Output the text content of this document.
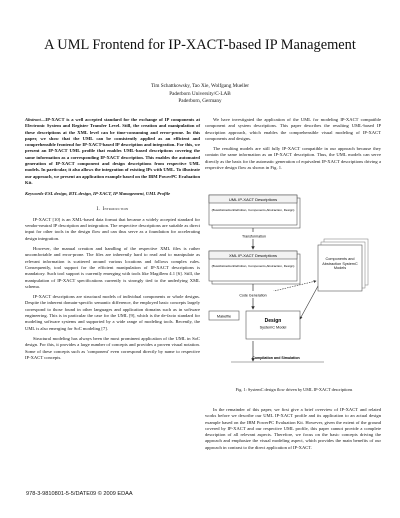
A UML Frontend for IP-XACT-based IP Management
Tim Schattkowsky, Tao Xie, Wolfgang Mueller
Paderborn University/C-LAB
Paderborn, Germany

Abstract—IP-XACT is a well accepted standard for the exchange of IP components at Electronic System and Register Transfer Level. Still, the creation and manipulation of these descriptions at the XML level can be time-consuming and error-prone. In this paper, we show that the UML can be consistently applied as an efficient and comprehensible frontend for IP-XACT-based IP description and integration. For this, we present an IP-XACT UML profile that enables UML-based descriptions covering the same information as a corresponding IP-XACT description. This enables the automated generation of IP-XACT component and design descriptions from respective UML models. In particular, it also allows the integration of existing IPs with UML. To illustrate our approach, we present an application example based on the IBM PowerPC Evaluation Kit.

Keywords-ESL design, RTL design, IP-XACT, IP Management, UML Profile

I. Introduction

IP-XACT [10] is an XML-based data format that became a widely accepted standard for vendor-neutral IP description and integration. The respective descriptions are suitable as direct input for other tools in the design flow and can thus serve as a foundation for accelerating design integration.

However, the manual creation and handling of the respective XML files is rather uncomfortable and error-prone. The files are inherently hard to read and to manipulate as relevant information is scattered around various locations and follows complex rules. Consequently, tool support for the efficient manipulation of IP-XACT descriptions is mandatory. Such tool support is currently emerging with tools like Magillem 4.1 [6]. Still, the manipulation of IP-XACT specifications currently is strongly tied to the underlying XML schema.

IP-XACT descriptions are structural models of individual components or whole designs. Despite the inherent domain-specific semantic difference, the employed basic concepts largely correspond to those found in other languages and application domains such as in software engineering. This is in particular the case for the UML [9], which is the de-facto standard for modeling software systems and supported by a wide range of modeling tools. Recently, the UML is also emerging for SoC modeling [7].

Structural modeling has always been the most prominent application of the UML in SoC design. For this, it provides a large number of concepts and provides a proven visual notation. Some of these concepts such as 'component' even correspond directly by name to respective IP-XACT concepts.

We have investigated the application of the UML for modeling IP-XACT compatible component and system descriptions. This paper describes the resulting UML-based IP description approach, which enables the comprehensible visual modeling of IP-XACT components and designs.

The resulting models are still fully IP-XACT compatible in our approach because they contain the same information as an IP-XACT description. Thus, the UML models can serve directly as the basis for the automatic generation of equivalent IP-XACT descriptions driving a respective design flow as shown in Fig. 1.

UML IP-XACT Descriptions
(BusAbstractionDefinition, Components,Abstraction, Design)
Transformation
XML IP-XACT Descriptions
(BusAbstractionDefinition, Components,Abstraction, Design)
Components and Abstraction SystemC Models
Code Generation
Makefile
Design
SystemC Model
Compilation and Simulation
Fig. 1: SystemC design flow driven by UML IP-XACT descriptions

In the remainder of this paper, we first give a brief overview of IP-XACT and related works before we describe our UML IP-XACT profile and its application to an actual design example based on the IBM PowerPC Evaluation Kit. However, given the extent of the ground covered by IP-XACT and our respective UML profile, this paper cannot provide a complete description of all relevant aspects. Therefore, we focus on the basic concepts driving the approach and emphasize the visual modeling aspect, which provides the main benefits of our approach in contrast to the direct application of IP-XACT.

978-3-9810801-5-5/DATE09 © 2009 EDAA
